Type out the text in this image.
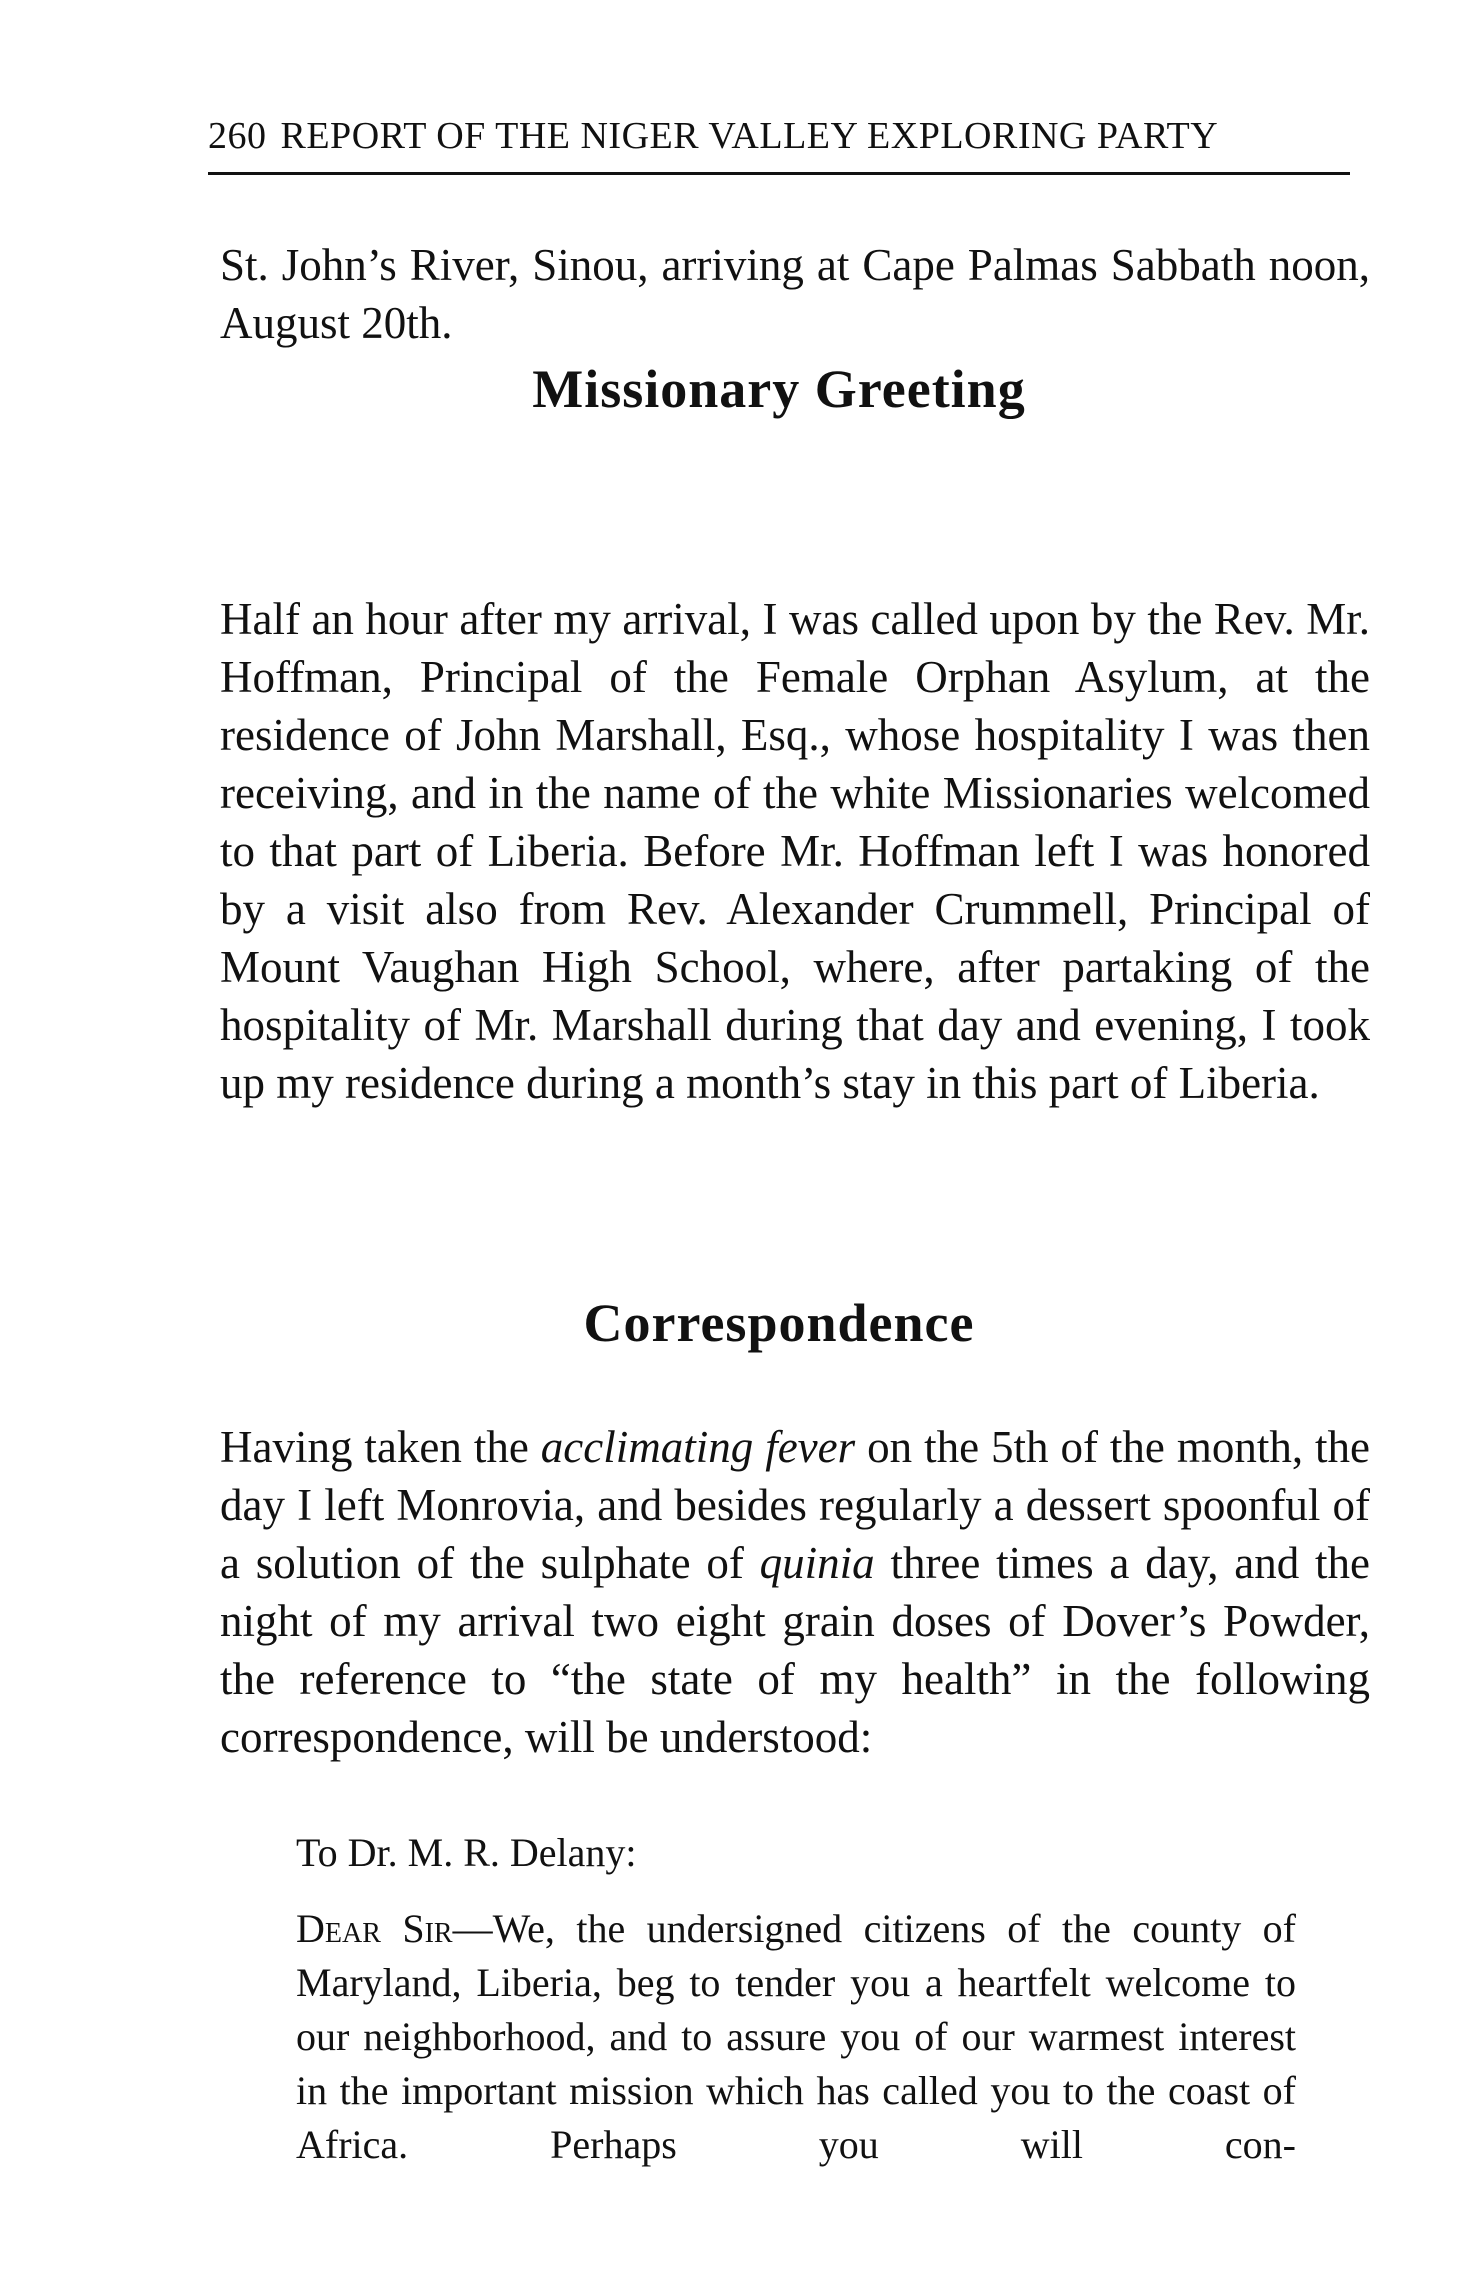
260 REPORT OF THE NIGER VALLEY EXPLORING PARTY

St. John’s River, Sinou, arriving at Cape Palmas Sabbath noon, August 20th.

Missionary Greeting

Half an hour after my arrival, I was called upon by the Rev. Mr. Hoffman, Principal of the Female Orphan Asylum, at the residence of John Marshall, Esq., whose hospitality I was then receiving, and in the name of the white Missionaries welcomed to that part of Liberia. Before Mr. Hoffman left I was honored by a visit also from Rev. Alexander Crummell, Principal of Mount Vaughan High School, where, after partaking of the hospitality of Mr. Marshall during that day and evening, I took up my residence during a month’s stay in this part of Liberia.

Correspondence

Having taken the acclimating fever on the 5th of the month, the day I left Monrovia, and besides regularly a dessert spoonful of a solution of the sulphate of quinia three times a day, and the night of my arrival two eight grain doses of Dover’s Powder, the reference to “the state of my health” in the following correspondence, will be understood:

To Dr. M. R. Delany:

Dear Sir—We, the undersigned citizens of the county of Maryland, Liberia, beg to tender you a heartfelt welcome to our neighborhood, and to assure you of our warmest interest in the important mission which has called you to the coast of Africa. Perhaps you will con-
